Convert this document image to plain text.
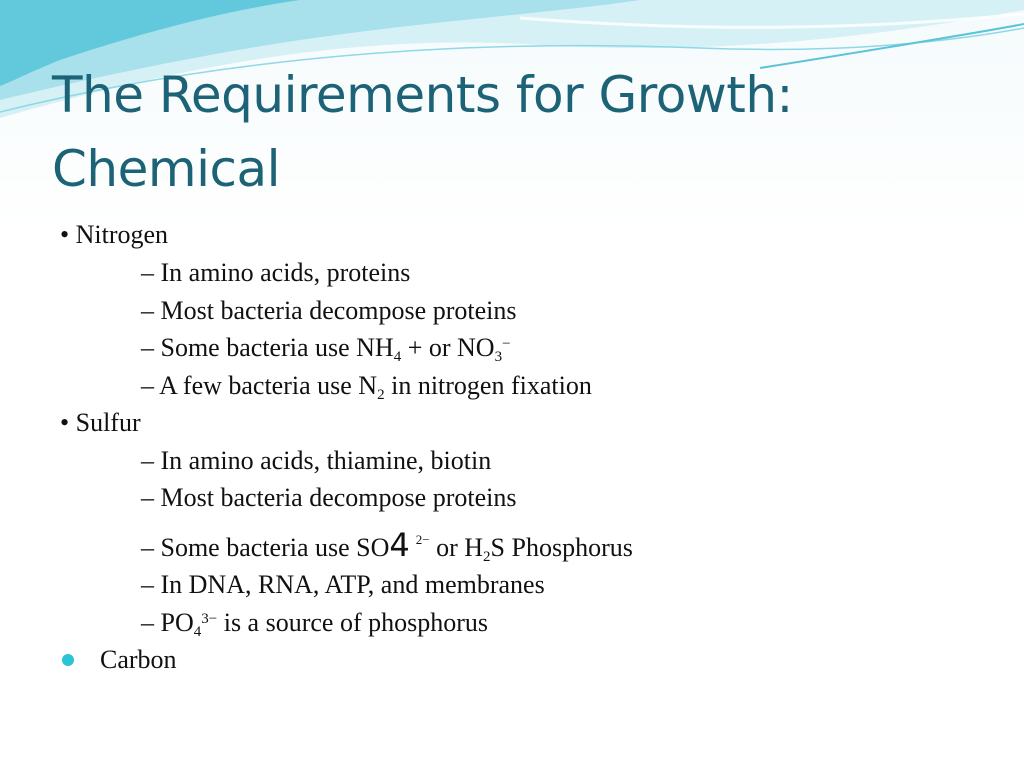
The Requirements for Growth:
Chemical
• Nitrogen
– In amino acids, proteins
– Most bacteria decompose proteins
– Some bacteria use $NH_4$ + or $NO_3^-$
– A few bacteria use $N_2$ in nitrogen fixation
• Sulfur
– In amino acids, thiamine, biotin
– Most bacteria decompose proteins
– Some bacteria use SO4 $^{2-}$ or $H_2S$ Phosphorus
– In DNA, RNA, ATP, and membranes
– $PO_4^{3-}$ is a source of phosphorus
Carbon
